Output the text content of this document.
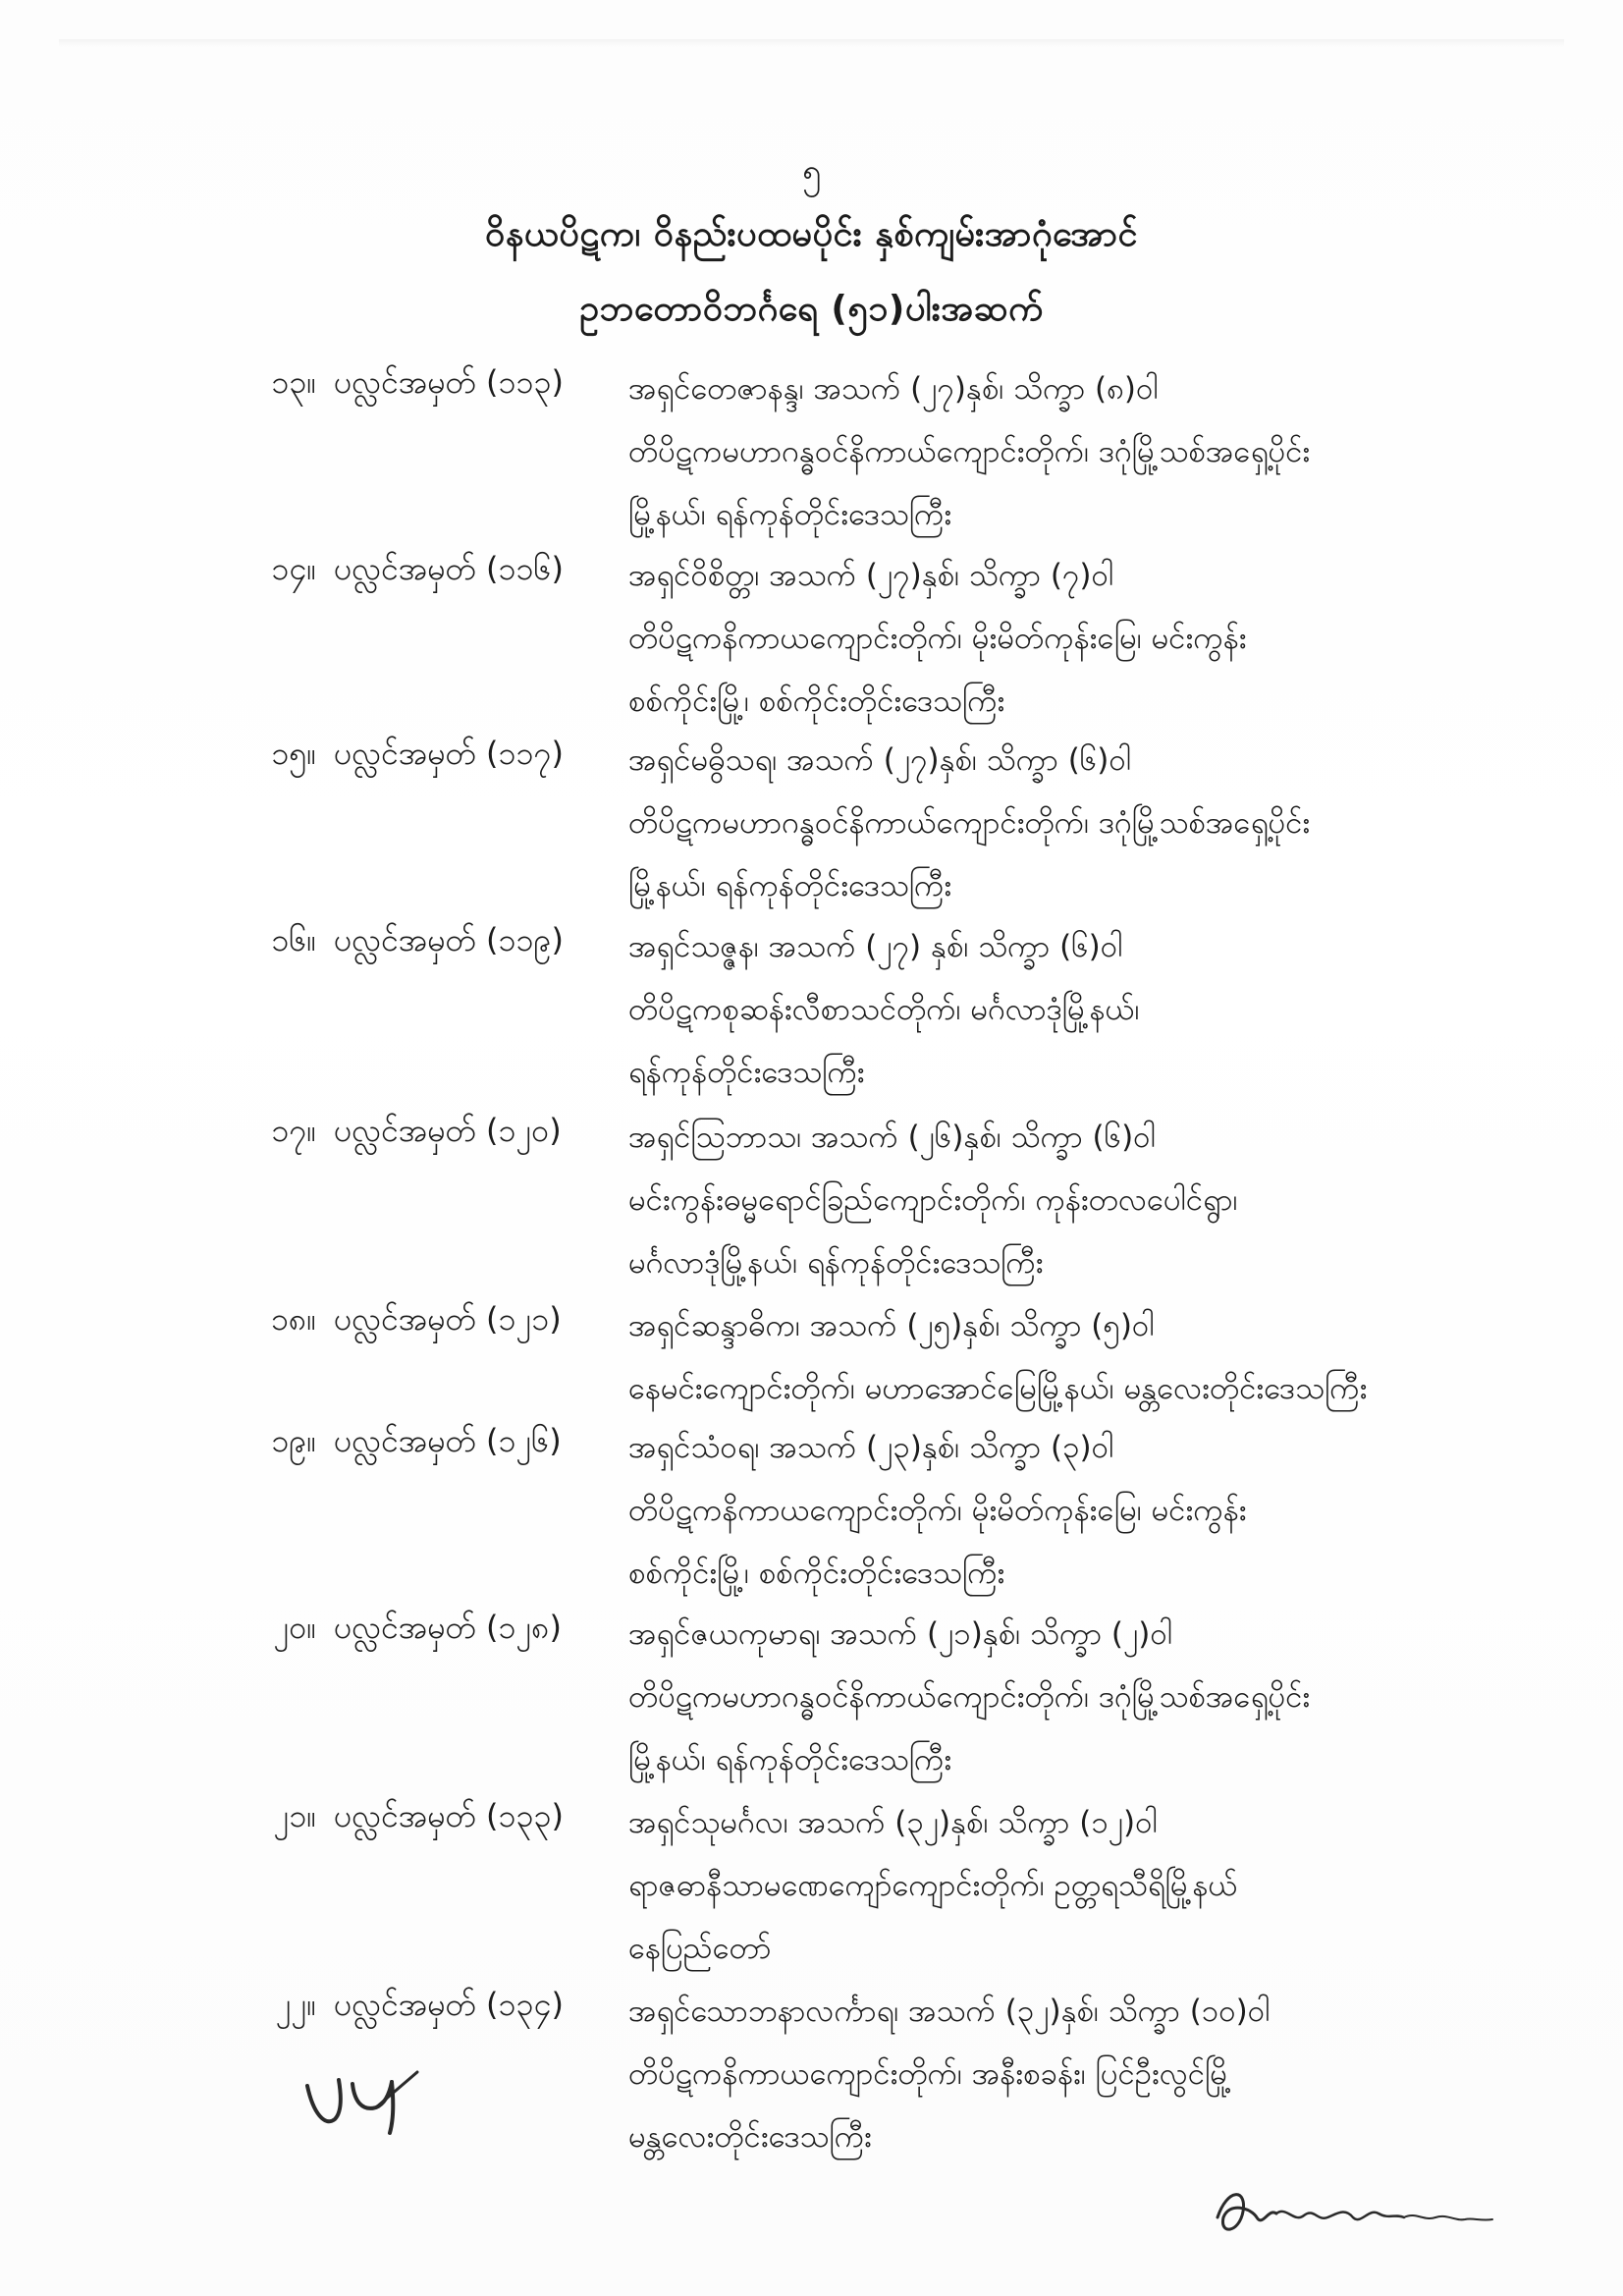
၅
ဝိနယပိဋက၊ ဝိနည်းပထမပိုင်း နှစ်ကျမ်းအာဂုံအောင်
ဥဘတောဝိဘင်္ဂရေ (၅၁)ပါးအဆက်
၁၃။ ပလ္လင်အမှတ် (၁၁၃)	အရှင်တေဇာနန္ဒ၊ အသက် (၂၇)နှစ်၊ သိက္ခာ (၈)ဝါ
တိပိဋကမဟာဂန္ဓဝင်နိကာယ်ကျောင်းတိုက်၊ ဒဂုံမြို့သစ်အရှေ့ပိုင်း
မြို့နယ်၊ ရန်ကုန်တိုင်းဒေသကြီး
၁၄။ ပလ္လင်အမှတ် (၁၁၆)	အရှင်ဝိစိတ္တ၊ အသက် (၂၇)နှစ်၊ သိက္ခာ (၇)ဝါ
တိပိဋကနိကာယကျောင်းတိုက်၊ မိုးမိတ်ကုန်းမြေ၊ မင်းကွန်း
စစ်ကိုင်းမြို့၊ စစ်ကိုင်းတိုင်းဒေသကြီး
၁၅။ ပလ္လင်အမှတ် (၁၁၇)	အရှင်မဓွိသရ၊ အသက် (၂၇)နှစ်၊ သိက္ခာ (၆)ဝါ
တိပိဋကမဟာဂန္ဓဝင်နိကာယ်ကျောင်းတိုက်၊ ဒဂုံမြို့သစ်အရှေ့ပိုင်း
မြို့နယ်၊ ရန်ကုန်တိုင်းဒေသကြီး
၁၆။ ပလ္လင်အမှတ် (၁၁၉)	အရှင်သဇ္ဇန၊ အသက် (၂၇) နှစ်၊ သိက္ခာ (၆)ဝါ
တိပိဋကစုဆန်းလီစာသင်တိုက်၊ မင်္ဂလာဒုံမြို့နယ်၊
ရန်ကုန်တိုင်းဒေသကြီး
၁၇။ ပလ္လင်အမှတ် (၁၂၀)	အရှင်ဩဘာသ၊ အသက် (၂၆)နှစ်၊ သိက္ခာ (၆)ဝါ
မင်းကွန်းဓမ္မရောင်ခြည်ကျောင်းတိုက်၊ ကုန်းတလပေါင်ရွာ၊
မင်္ဂလာဒုံမြို့နယ်၊ ရန်ကုန်တိုင်းဒေသကြီး
၁၈။ ပလ္လင်အမှတ် (၁၂၁)	အရှင်ဆန္ဒာဓိက၊ အသက် (၂၅)နှစ်၊ သိက္ခာ (၅)ဝါ
နေမင်းကျောင်းတိုက်၊ မဟာအောင်မြေမြို့နယ်၊ မန္တလေးတိုင်းဒေသကြီး
၁၉။ ပလ္လင်အမှတ် (၁၂၆)	အရှင်သံဝရ၊ အသက် (၂၃)နှစ်၊ သိက္ခာ (၃)ဝါ
တိပိဋကနိကာယကျောင်းတိုက်၊ မိုးမိတ်ကုန်းမြေ၊ မင်းကွန်း
စစ်ကိုင်းမြို့၊ စစ်ကိုင်းတိုင်းဒေသကြီး
၂၀။ ပလ္လင်အမှတ် (၁၂၈)	အရှင်ဇယကုမာရ၊ အသက် (၂၁)နှစ်၊ သိက္ခာ (၂)ဝါ
တိပိဋကမဟာဂန္ဓဝင်နိကာယ်ကျောင်းတိုက်၊ ဒဂုံမြို့သစ်အရှေ့ပိုင်း
မြို့နယ်၊ ရန်ကုန်တိုင်းဒေသကြီး
၂၁။ ပလ္လင်အမှတ် (၁၃၃)	အရှင်သုမင်္ဂလ၊ အသက် (၃၂)နှစ်၊ သိက္ခာ (၁၂)ဝါ
ရာဇဓာနီသာမဏေကျော်ကျောင်းတိုက်၊ ဥတ္တရသီရိမြို့နယ်
နေပြည်တော်
၂၂။ ပလ္လင်အမှတ် (၁၃၄)	အရှင်သောဘနာလင်္ကာရ၊ အသက် (၃၂)နှစ်၊ သိက္ခာ (၁၀)ဝါ
တိပိဋကနိကာယကျောင်းတိုက်၊ အနီးစခန်း၊ ပြင်ဦးလွင်မြို့
မန္တလေးတိုင်းဒေသကြီး
